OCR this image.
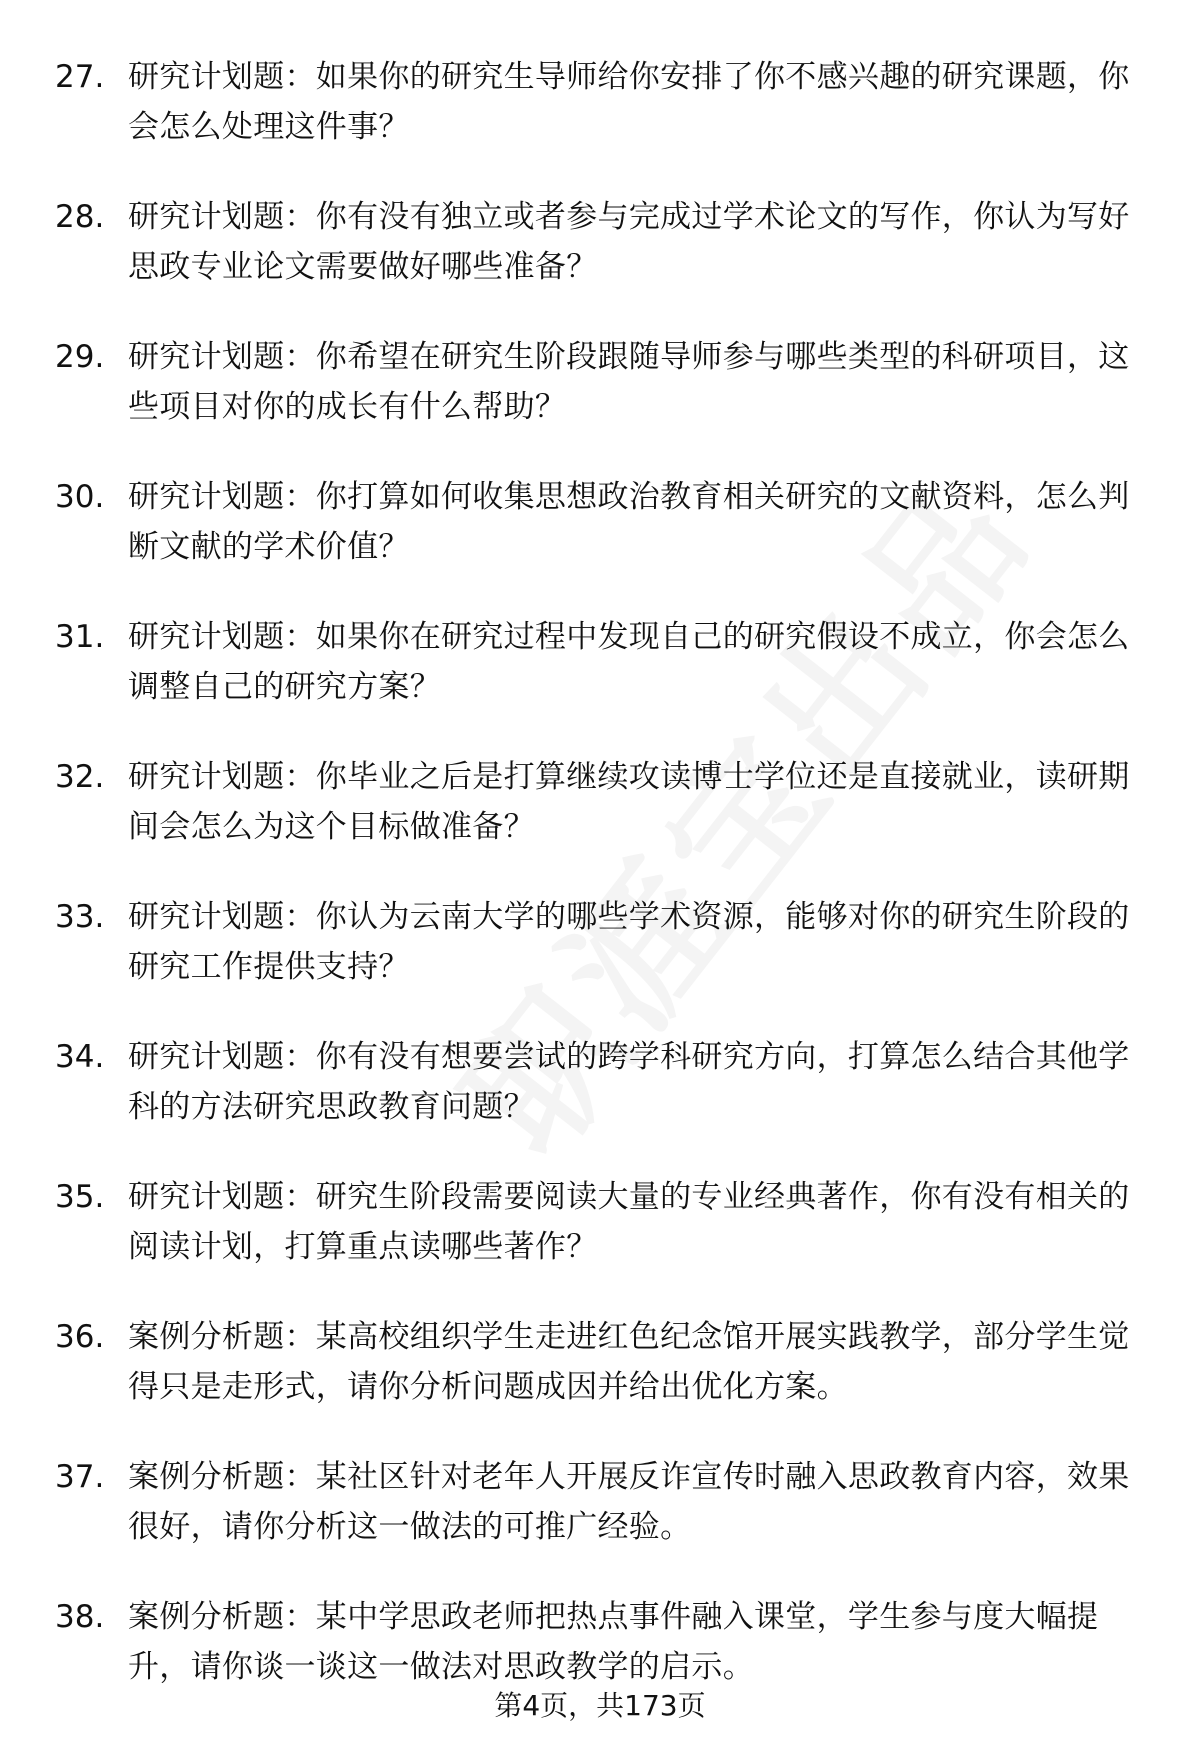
27. 研究计划题：如果你的研究生导师给你安排了你不感兴趣的研究课题，你会怎么处理这件事？
28. 研究计划题：你有没有独立或者参与完成过学术论文的写作，你认为写好思政专业论文需要做好哪些准备？
29. 研究计划题：你希望在研究生阶段跟随导师参与哪些类型的科研项目，这些项目对你的成长有什么帮助？
30. 研究计划题：你打算如何收集思想政治教育相关研究的文献资料，怎么判断文献的学术价值？
31. 研究计划题：如果你在研究过程中发现自己的研究假设不成立，你会怎么调整自己的研究方案？
32. 研究计划题：你毕业之后是打算继续攻读博士学位还是直接就业，读研期间会怎么为这个目标做准备？
33. 研究计划题：你认为云南大学的哪些学术资源，能够对你的研究生阶段的研究工作提供支持？
34. 研究计划题：你有没有想要尝试的跨学科研究方向，打算怎么结合其他学科的方法研究思政教育问题？
35. 研究计划题：研究生阶段需要阅读大量的专业经典著作，你有没有相关的阅读计划，打算重点读哪些著作？
36. 案例分析题：某高校组织学生走进红色纪念馆开展实践教学，部分学生觉得只是走形式，请你分析问题成因并给出优化方案。
37. 案例分析题：某社区针对老年人开展反诈宣传时融入思政教育内容，效果很好，请你分析这一做法的可推广经验。
38. 案例分析题：某中学思政老师把热点事件融入课堂，学生参与度大幅提升，请你谈一谈这一做法对思政教学的启示。
第4页，共173页
